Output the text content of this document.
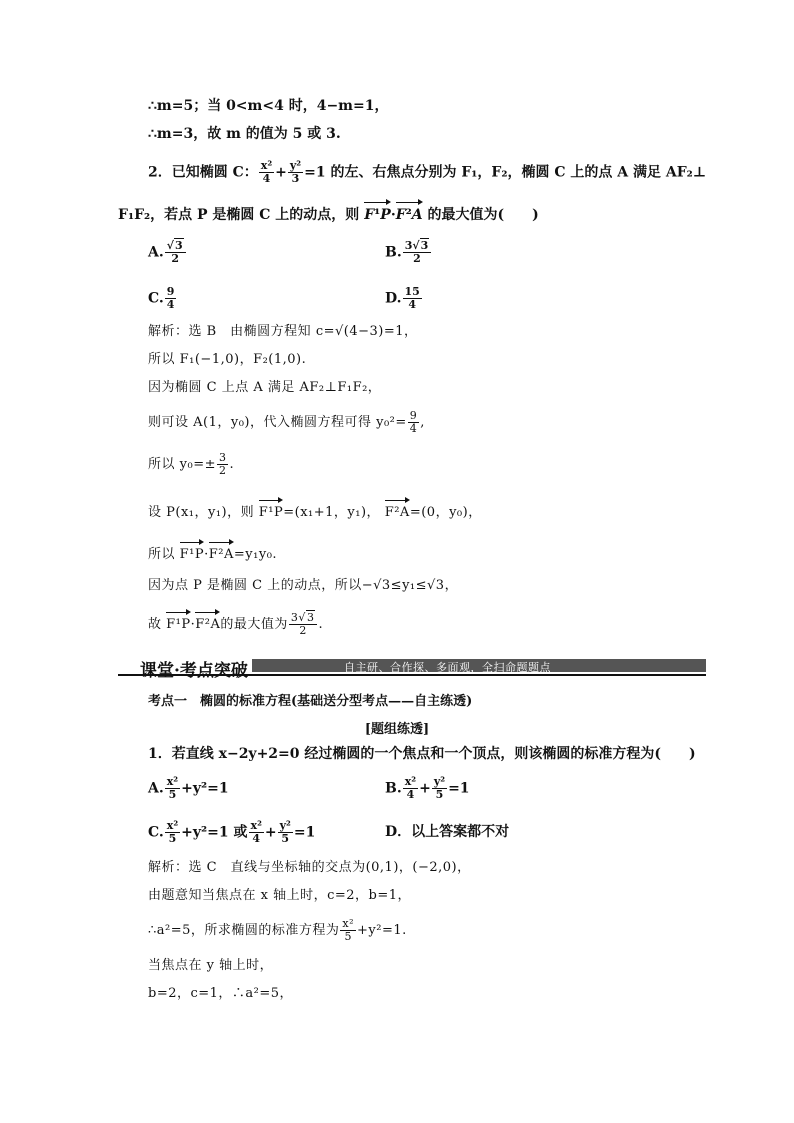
∴m=5；当 0<m<4 时，4−m=1，
∴m=3，故 m 的值为 5 或 3.
2．已知椭圆 C： $\frac{\text{x²}}{4} + \frac{\text{y²}}{3} =1$ 的左、右焦点分别为 F₁，F₂，椭圆 C 上的点 A 满足 AF₂⊥
F₁F₂，若点 P 是椭圆 C 上的动点，则 F¹P·F²A 的最大值为(　　)
A. $\frac{√3}{2}$	B. $\frac{3√3}{2}$
C. $\frac{9}{4}$	D. $\frac{15}{4}$
解析：选 B　由椭圆方程知 c=√(4−3)=1，
所以 F₁(−1,0)，F₂(1,0).
因为椭圆 C 上点 A 满足 AF₂⊥F₁F₂，
则可设 A(1，y₀)，代入椭圆方程可得 $y_0^2= \frac{9}{4}$ ,
所以 $y_0=\pm \frac{3}{2}$ .
设 P(x₁，y₁)，则 F¹P=(x₁+1，y₁)， F²A=(0，y₀)，
所以 F¹P·F²A=y₁y₀.
因为点 P 是椭圆 C 上的动点，所以−√3≤y₁≤√3，
故 F¹P·F²A的最大值为 $\frac{3√3}{2}$ .
课堂·考点突破	自主研、合作探、多面观，全扫命题题点
考点一　椭圆的标准方程(基础送分型考点——自主练透)
[题组练透]
1．若直线 x−2y+2=0 经过椭圆的一个焦点和一个顶点，则该椭圆的标准方程为(　　)
A. $\frac{\text{x²}}{5} +y^2=1$	B. $\frac{\text{x²}}{4} + \frac{\text{y²}}{5} =1$
C. $\frac{\text{x²}}{5} +y^2=1$ 或 $\frac{\text{x²}}{4} + \frac{\text{y²}}{5} =1$	D．以上答案都不对
解析：选 C　直线与坐标轴的交点为(0,1)，(−2,0)，
由题意知当焦点在 x 轴上时，c=2，b=1，
∴a²=5，所求椭圆的标准方程为 $\frac{\text{x²}}{5} +y^2=1$.
当焦点在 y 轴上时，
b=2，c=1，∴a²=5，
